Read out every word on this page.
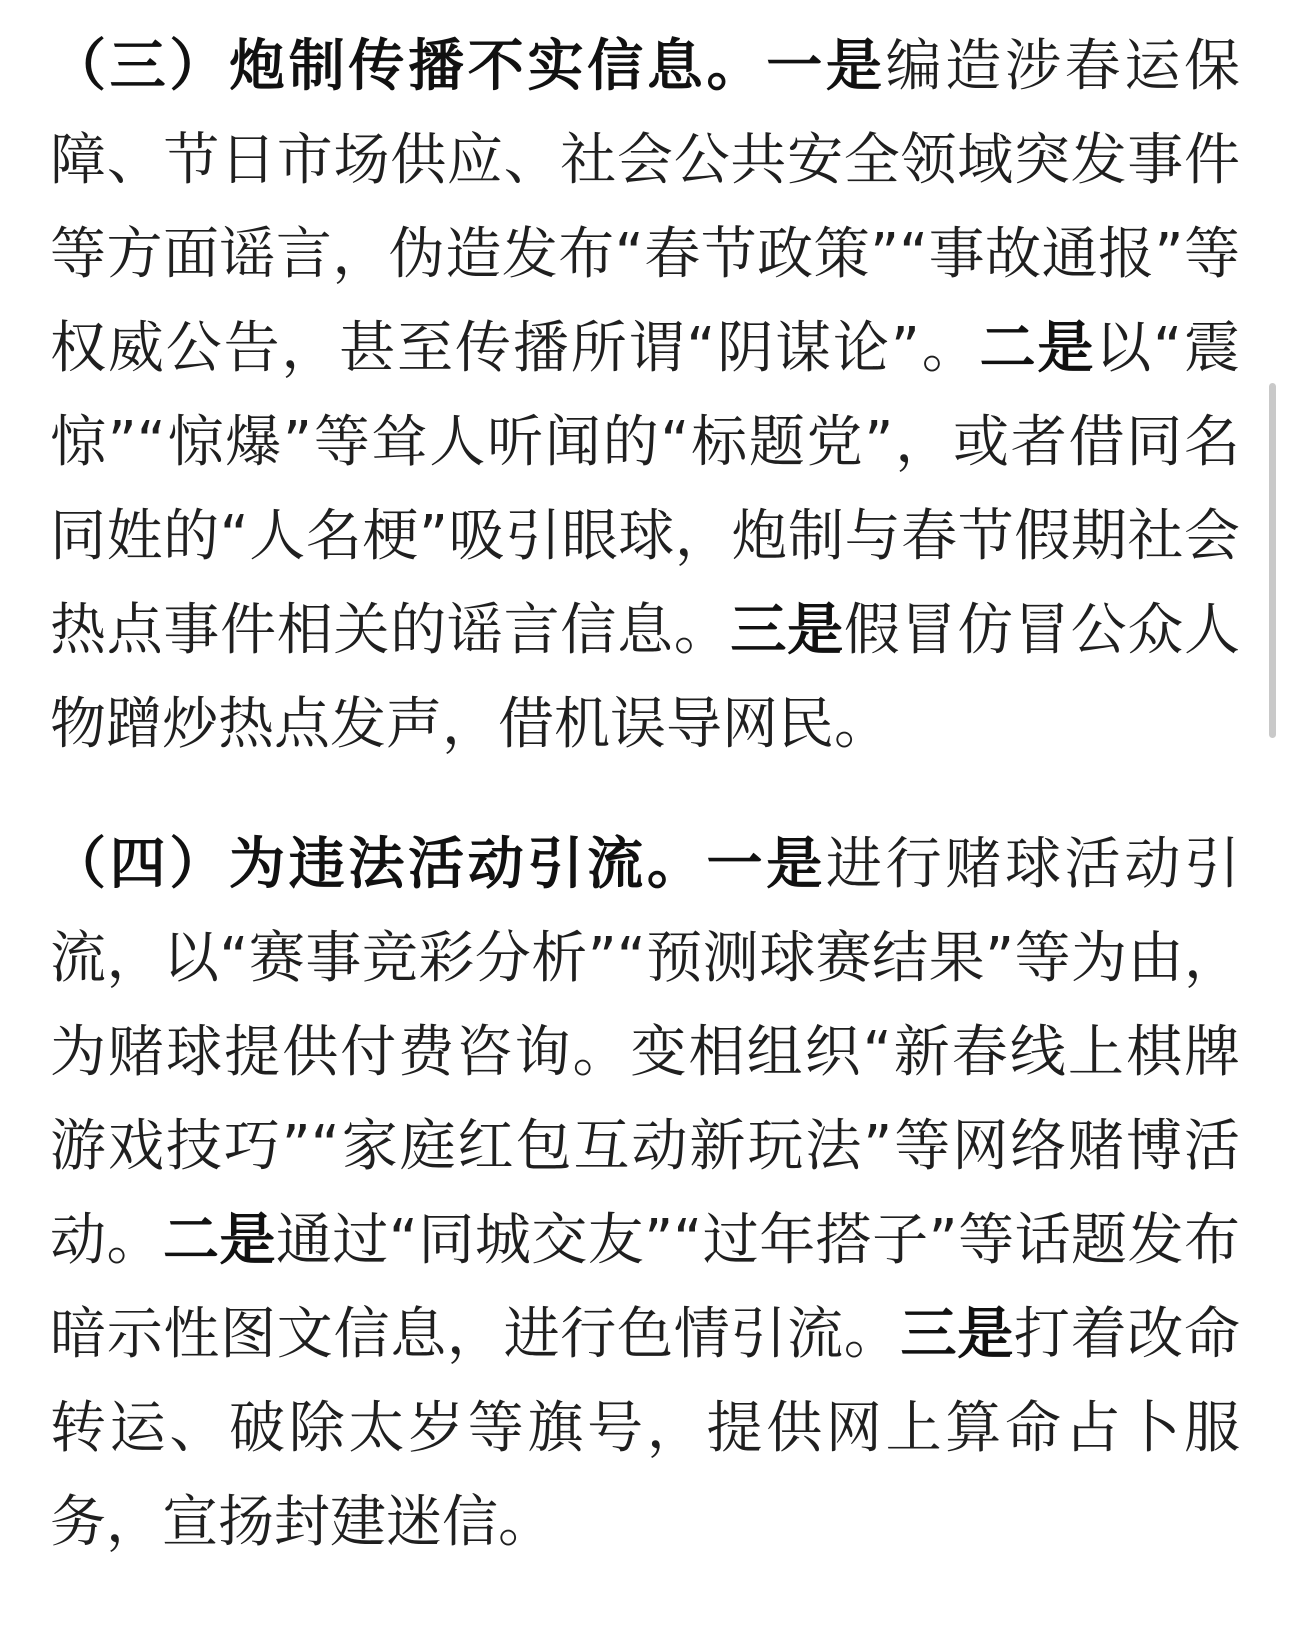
（三）炮制传播不实信息。一是编造涉春运保障、节日市场供应、社会公共安全领域突发事件等方面谣言，伪造发布“春节政策”“事故通报”等权威公告，甚至传播所谓“阴谋论”。二是以“震惊”“惊爆”等耸人听闻的“标题党”，或者借同名同姓的“人名梗”吸引眼球，炮制与春节假期社会热点事件相关的谣言信息。三是假冒仿冒公众人物蹭炒热点发声，借机误导网民。

（四）为违法活动引流。一是进行赌球活动引流，以“赛事竞彩分析”“预测球赛结果”等为由，为赌球提供付费咨询。变相组织“新春线上棋牌游戏技巧”“家庭红包互动新玩法”等网络赌博活动。二是通过“同城交友”“过年搭子”等话题发布暗示性图文信息，进行色情引流。三是打着改命转运、破除太岁等旗号，提供网上算命占卜服务，宣扬封建迷信。
